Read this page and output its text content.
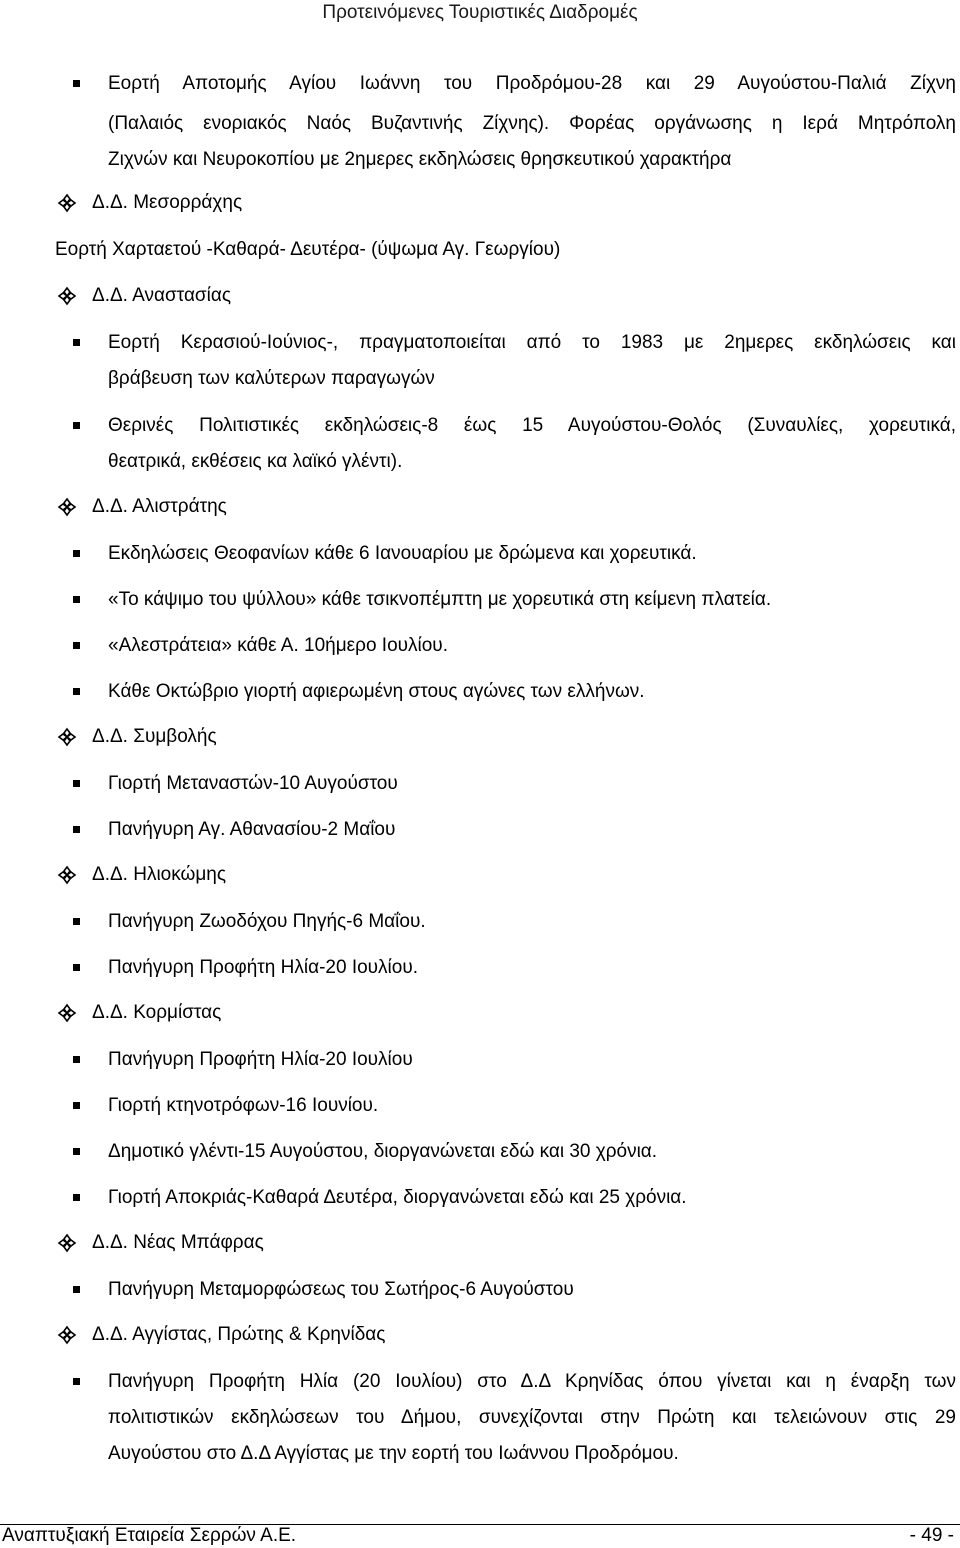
Προτεινόμενες Τουριστικές Διαδρομές
Εορτή Αποτομής Αγίου Ιωάννη του Προδρόμου-28 και 29 Αυγούστου-Παλιά Ζίχνη
(Παλαιός ενοριακός Ναός Βυζαντινής Ζίχνης). Φορέας οργάνωσης η Ιερά Μητρόπολη
Ζιχνών και Νευροκοπίου με 2ημερες εκδηλώσεις θρησκευτικού χαρακτήρα
Δ.Δ. Μεσορράχης
Εορτή Χαρταετού -Καθαρά- Δευτέρα- (ύψωμα Αγ. Γεωργίου)
Δ.Δ. Αναστασίας
Εορτή Κερασιού-Ιούνιος-, πραγματοποιείται από το 1983 με 2ημερες εκδηλώσεις και
βράβευση των καλύτερων παραγωγών
Θερινές Πολιτιστικές εκδηλώσεις-8 έως 15 Αυγούστου-Θολός (Συναυλίες, χορευτικά,
θεατρικά, εκθέσεις κα λαϊκό γλέντι).
Δ.Δ. Αλιστράτης
Εκδηλώσεις Θεοφανίων κάθε 6 Ιανουαρίου με δρώμενα και χορευτικά.
«Το κάψιμο του ψύλλου» κάθε τσικνοπέμπτη με χορευτικά στη κείμενη πλατεία.
«Αλεστράτεια» κάθε Α. 10ήμερο Ιουλίου.
Κάθε Οκτώβριο γιορτή αφιερωμένη στους αγώνες των ελλήνων.
Δ.Δ. Συμβολής
Γιορτή Μεταναστών-10 Αυγούστου
Πανήγυρη Αγ. Αθανασίου-2 Μαΐου
Δ.Δ. Ηλιοκώμης
Πανήγυρη Ζωοδόχου Πηγής-6 Μαΐου.
Πανήγυρη Προφήτη Ηλία-20 Ιουλίου.
Δ.Δ. Κορμίστας
Πανήγυρη Προφήτη Ηλία-20 Ιουλίου
Γιορτή κτηνοτρόφων-16 Ιουνίου.
Δημοτικό γλέντι-15 Αυγούστου, διοργανώνεται εδώ και 30 χρόνια.
Γιορτή Αποκριάς-Καθαρά Δευτέρα, διοργανώνεται εδώ και 25 χρόνια.
Δ.Δ. Νέας Μπάφρας
Πανήγυρη Μεταμορφώσεως του Σωτήρος-6 Αυγούστου
Δ.Δ. Αγγίστας, Πρώτης & Κρηνίδας
Πανήγυρη Προφήτη Ηλία (20 Ιουλίου) στο Δ.Δ Κρηνίδας όπου γίνεται και η έναρξη των
πολιτιστικών εκδηλώσεων του Δήμου, συνεχίζονται στην Πρώτη και τελειώνουν στις 29
Αυγούστου στο Δ.Δ Αγγίστας με την εορτή του Ιωάννου Προδρόμου.
Αναπτυξιακή Εταιρεία Σερρών Α.Ε.	- 49 -
